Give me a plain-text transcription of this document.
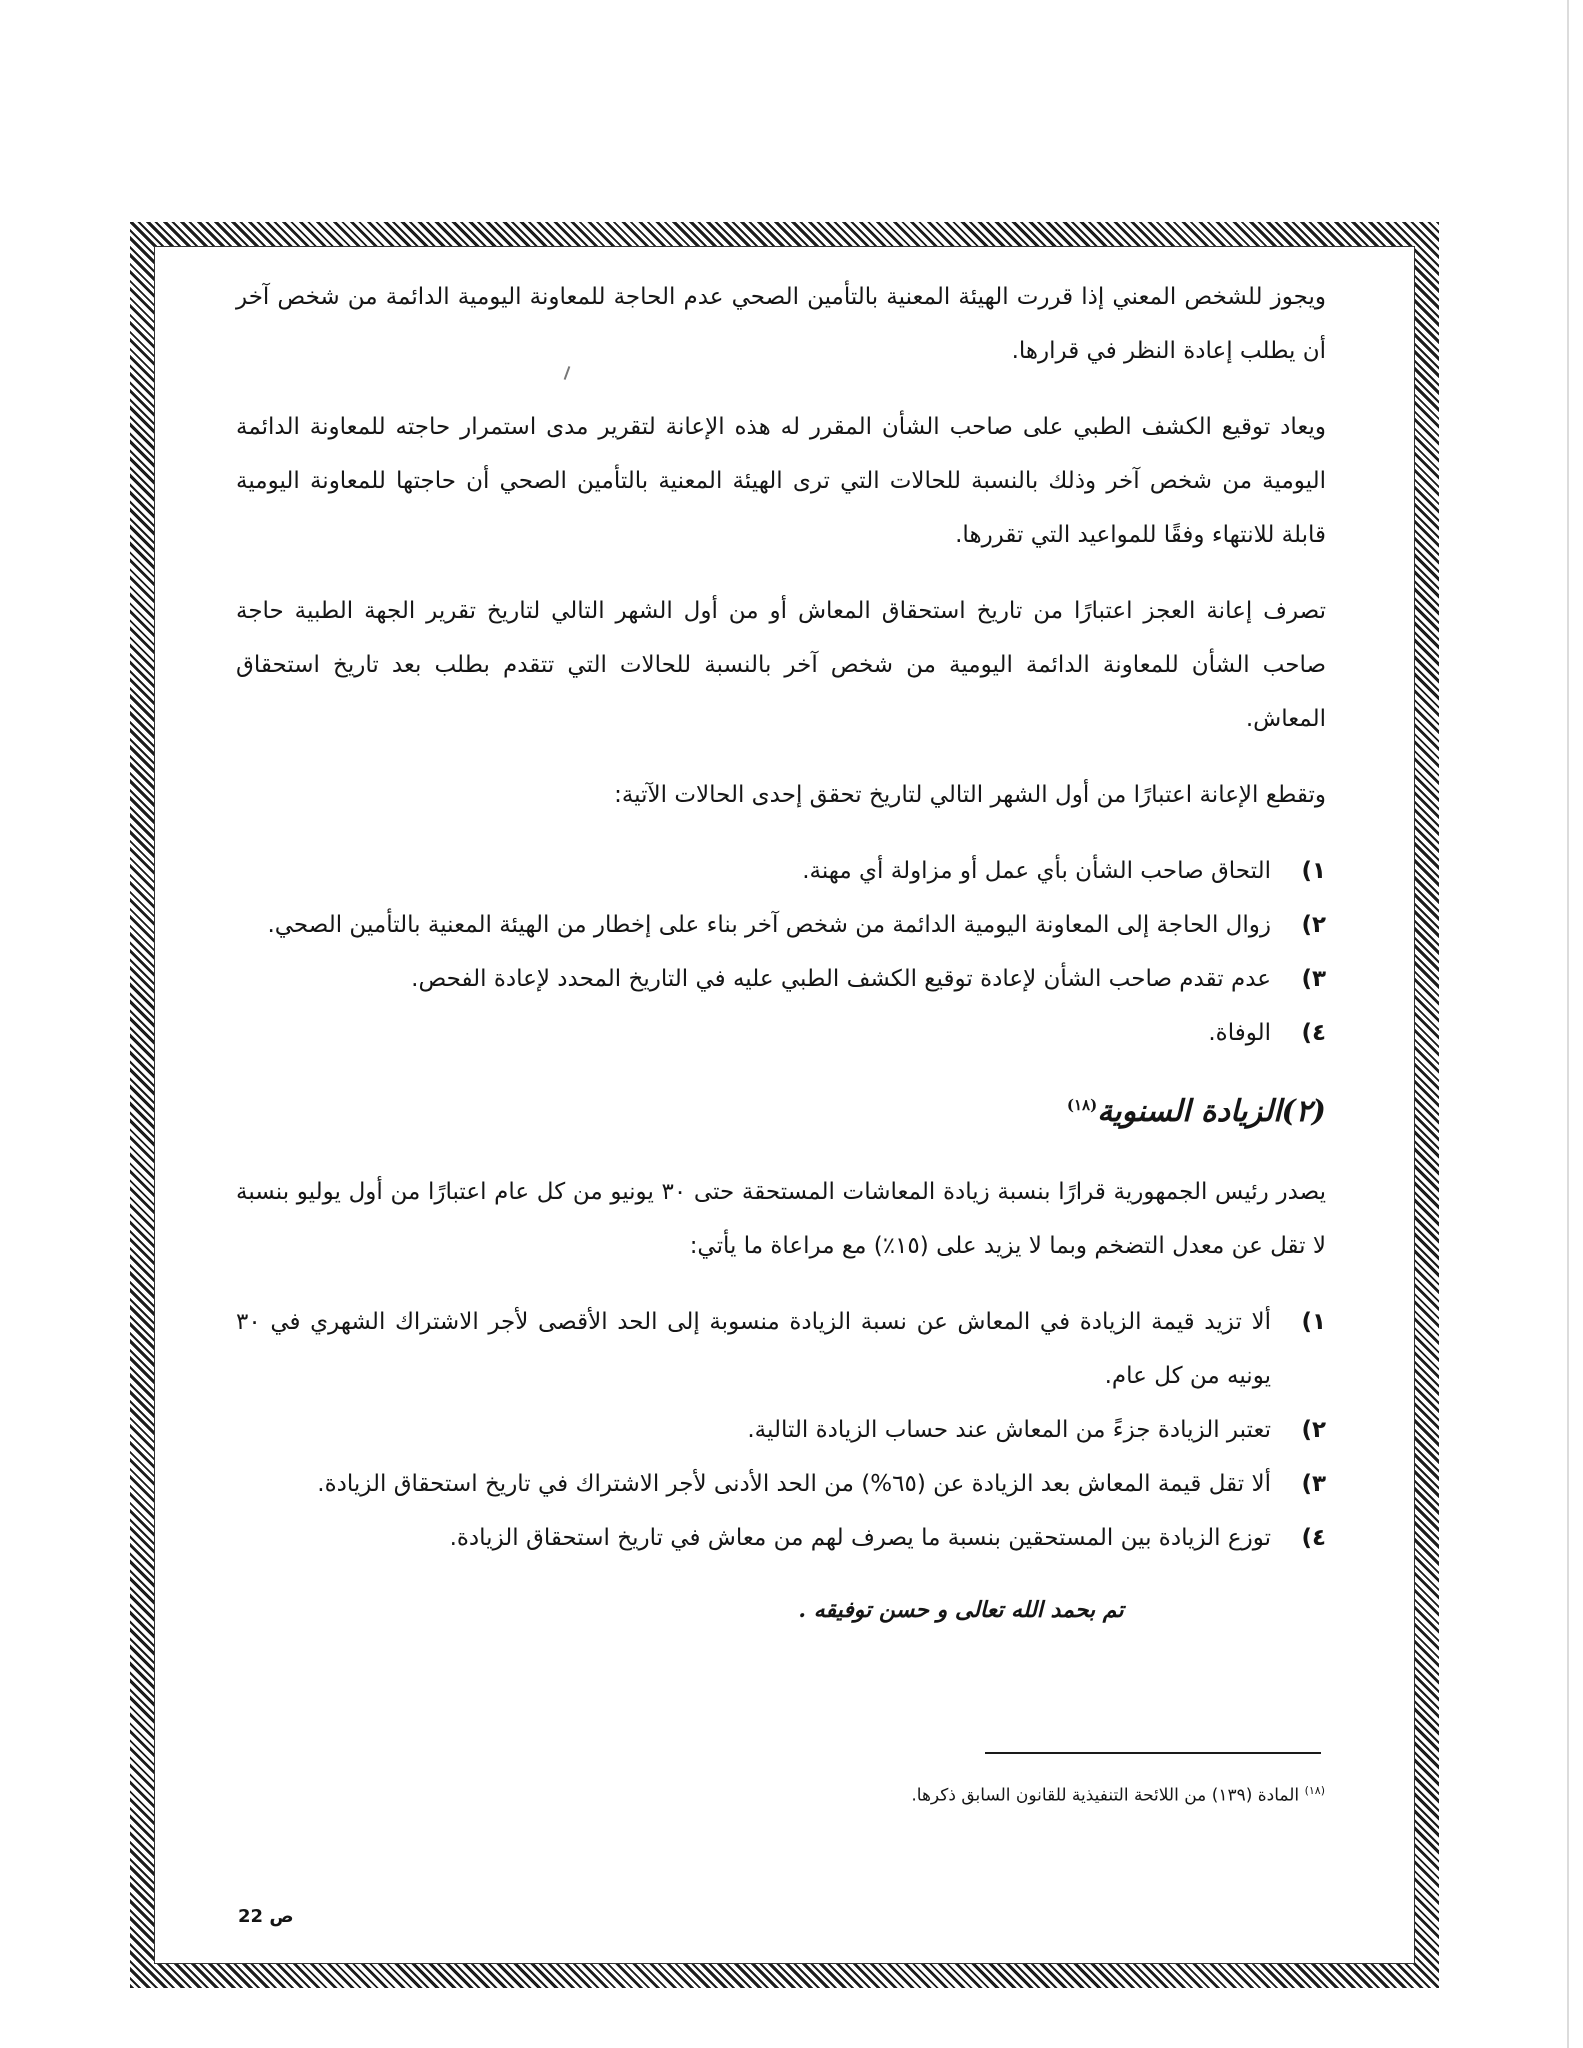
ويجوز للشخص المعني إذا قررت الهيئة المعنية بالتأمين الصحي عدم الحاجة للمعاونة اليومية الدائمة من شخص آخر أن يطلب إعادة النظر في قرارها.

ويعاد توقيع الكشف الطبي على صاحب الشأن المقرر له هذه الإعانة لتقرير مدى استمرار حاجته للمعاونة الدائمة اليومية من شخص آخر وذلك بالنسبة للحالات التي ترى الهيئة المعنية بالتأمين الصحي أن حاجتها للمعاونة اليومية قابلة للانتهاء وفقًا للمواعيد التي تقررها.

تصرف إعانة العجز اعتبارًا من تاريخ استحقاق المعاش أو من أول الشهر التالي لتاريخ تقرير الجهة الطبية حاجة صاحب الشأن للمعاونة الدائمة اليومية من شخص آخر بالنسبة للحالات التي تتقدم بطلب بعد تاريخ استحقاق المعاش.

وتقطع الإعانة اعتبارًا من أول الشهر التالي لتاريخ تحقق إحدى الحالات الآتية:

١)
التحاق صاحب الشأن بأي عمل أو مزاولة أي مهنة.
٢)
زوال الحاجة إلى المعاونة اليومية الدائمة من شخص آخر بناء على إخطار من الهيئة المعنية بالتأمين الصحي.
٣)
عدم تقدم صاحب الشأن لإعادة توقيع الكشف الطبي عليه في التاريخ المحدد لإعادة الفحص.
٤)
الوفاة.
(٢)الزيادة السنوية$^{(١٨)}$

يصدر رئيس الجمهورية قرارًا بنسبة زيادة المعاشات المستحقة حتى ٣٠ يونيو من كل عام اعتبارًا من أول يوليو بنسبة لا تقل عن معدل التضخم وبما لا يزيد على (١٥٪) مع مراعاة ما يأتي:

١)
ألا تزيد قيمة الزيادة في المعاش عن نسبة الزيادة منسوبة إلى الحد الأقصى لأجر الاشتراك الشهري في ٣٠ يونيه من كل عام.
٢)
تعتبر الزيادة جزءً من المعاش عند حساب الزيادة التالية.
٣)
ألا تقل قيمة المعاش بعد الزيادة عن (٦٥%) من الحد الأدنى لأجر الاشتراك في تاريخ استحقاق الزيادة.
٤)
توزع الزيادة بين المستحقين بنسبة ما يصرف لهم من معاش في تاريخ استحقاق الزيادة.
تم بحمد الله تعالى و حسن توفيقه .
$^{(١٨)}$ المادة (١٣٩) من اللائحة التنفيذية للقانون السابق ذكرها.
ص 22
